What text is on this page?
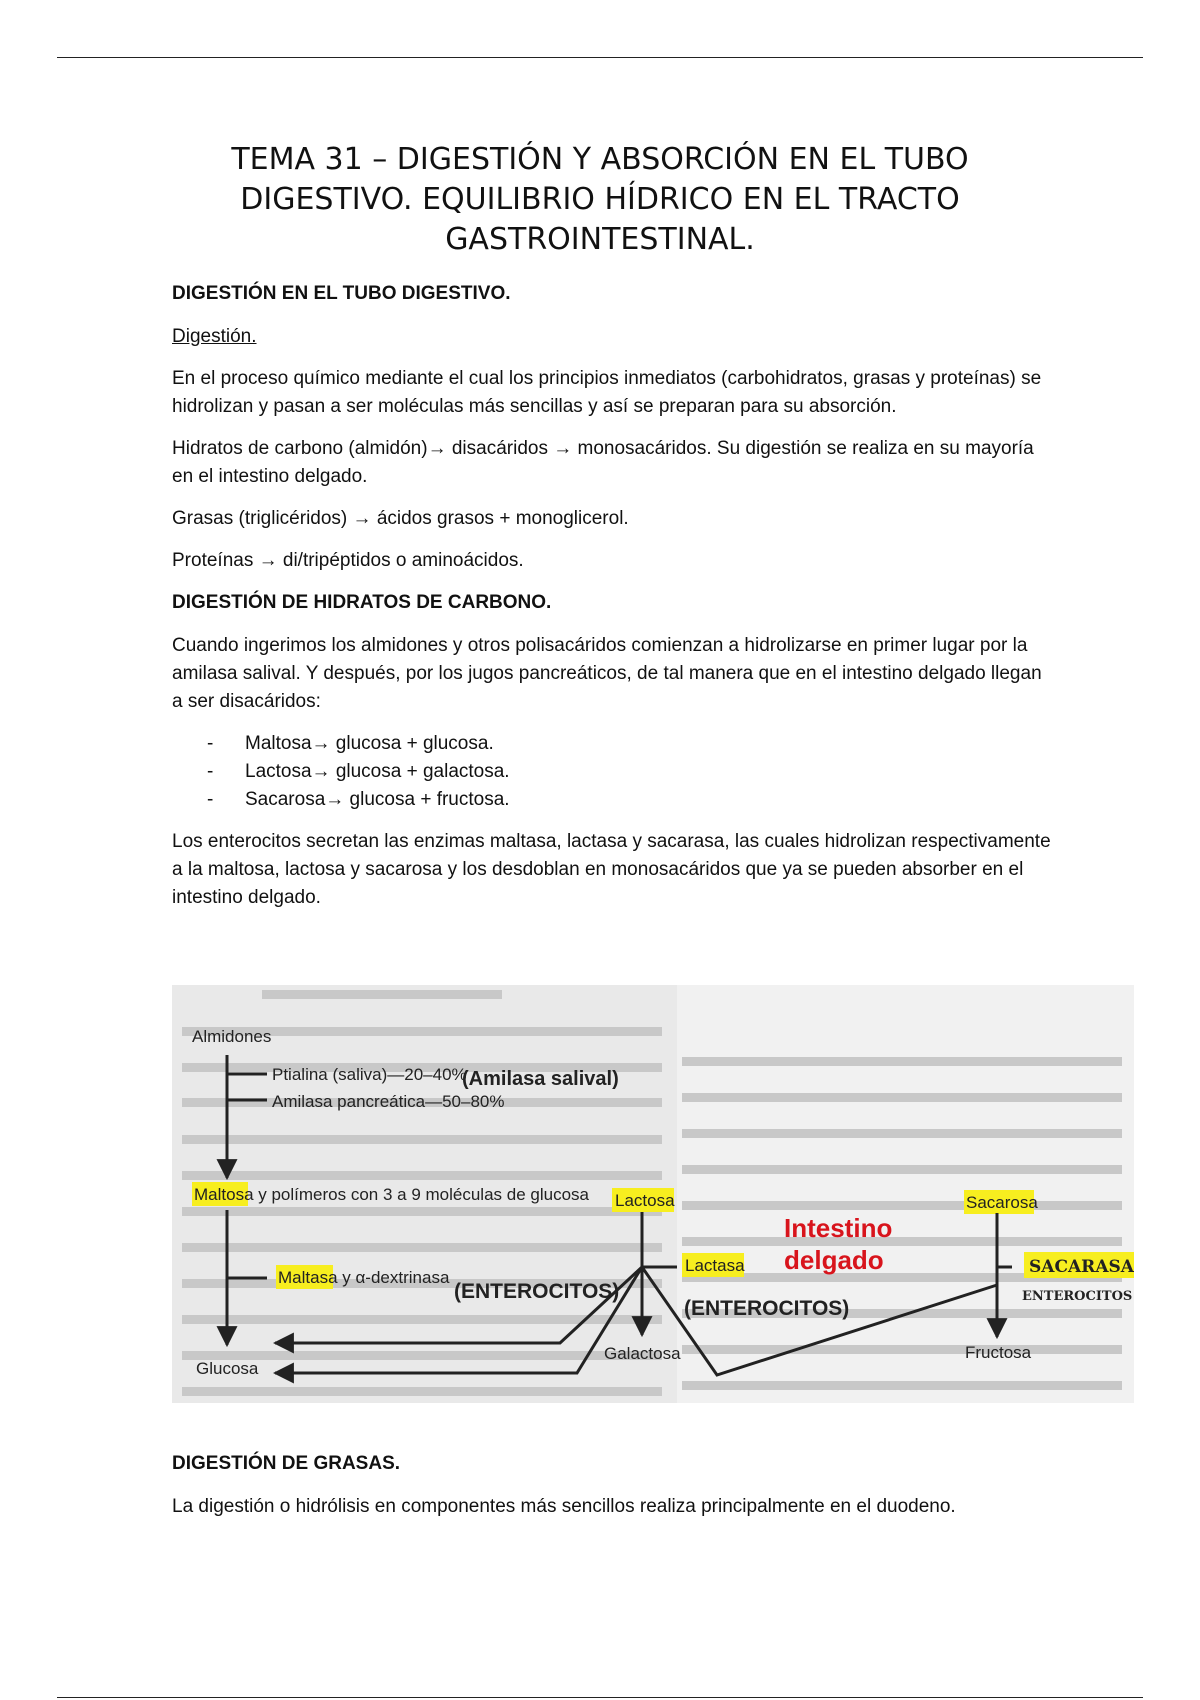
TEMA 31 – DIGESTIÓN Y ABSORCIÓN EN EL TUBO DIGESTIVO. EQUILIBRIO HÍDRICO EN EL TRACTO GASTROINTESTINAL.

DIGESTIÓN EN EL TUBO DIGESTIVO.

Digestión.

En el proceso químico mediante el cual los principios inmediatos (carbohidratos, grasas y proteínas) se hidrolizan y pasan a ser moléculas más sencillas y así se preparan para su absorción.

Hidratos de carbono (almidón)→ disacáridos → monosacáridos. Su digestión se realiza en su mayoría en el intestino delgado.

Grasas (triglicéridos) → ácidos grasos + monoglicerol.

Proteínas → di/tripéptidos o aminoácidos.

DIGESTIÓN DE HIDRATOS DE CARBONO.

Cuando ingerimos los almidones y otros polisacáridos comienzan a hidrolizarse en primer lugar por la amilasa salival. Y después, por los jugos pancreáticos, de tal manera que en el intestino delgado llegan a ser disacáridos:

- Maltosa→ glucosa + glucosa.
- Lactosa→ glucosa + galactosa.
- Sacarosa→ glucosa + fructosa.

Los enterocitos secretan las enzimas maltasa, lactasa y sacarasa, las cuales hidrolizan respectivamente a la maltosa, lactosa y sacarosa y los desdoblan en monosacáridos que ya se pueden absorber en el intestino delgado.

Almidones
Ptialina (saliva)—20–40%
(Amilasa salival)
Amilasa pancreática—50–80%
Maltosa y polímeros con 3 a 9 moléculas de glucosa
Maltasa y α-dextrinasa
(ENTEROCITOS)
Glucosa
Lactosa
Lactasa
Galactosa
Intestino
delgado
(ENTEROCITOS)
Sacarosa
SACARASA
ENTEROCITOS
Fructosa

DIGESTIÓN DE GRASAS.

La digestión o hidrólisis en componentes más sencillos realiza principalmente en el duodeno.
